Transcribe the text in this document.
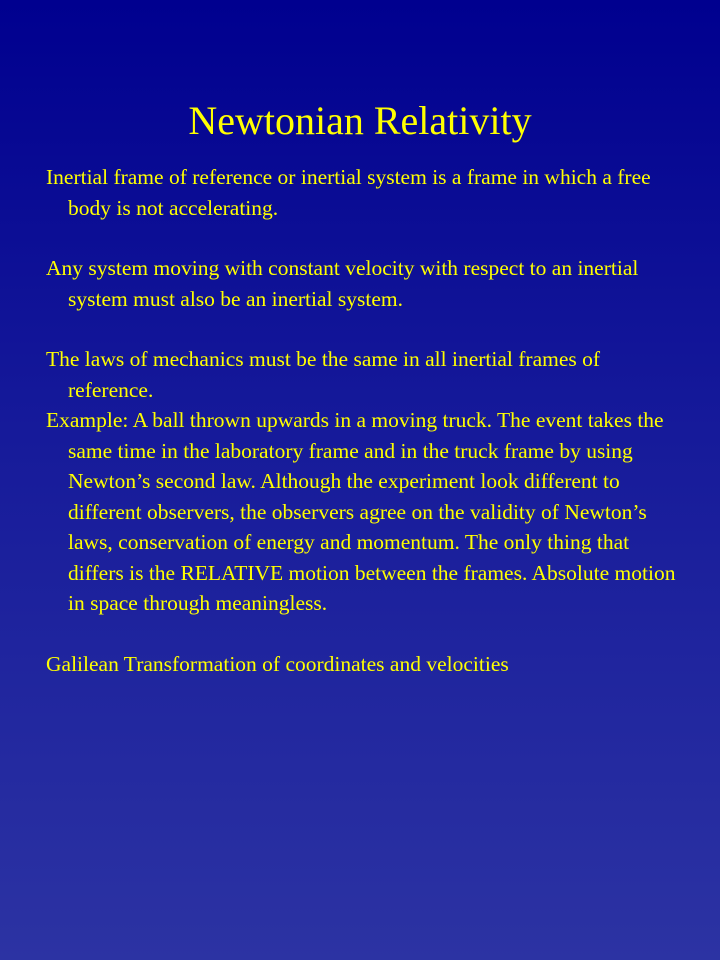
Newtonian Relativity

Inertial frame of reference or inertial system is a frame in which a free body is not accelerating.

Any system moving with constant velocity with respect to an inertial system must also be an inertial system.

The laws of mechanics must be the same in all inertial frames of reference.

Example: A ball thrown upwards in a moving truck. The event takes the same time in the laboratory frame and in the truck frame by using Newton’s second law. Although the experiment look different to different observers, the observers agree on the validity of Newton’s laws, conservation of energy and momentum. The only thing that differs is the RELATIVE motion between the frames. Absolute motion in space through meaningless.

Galilean Transformation of coordinates and velocities
